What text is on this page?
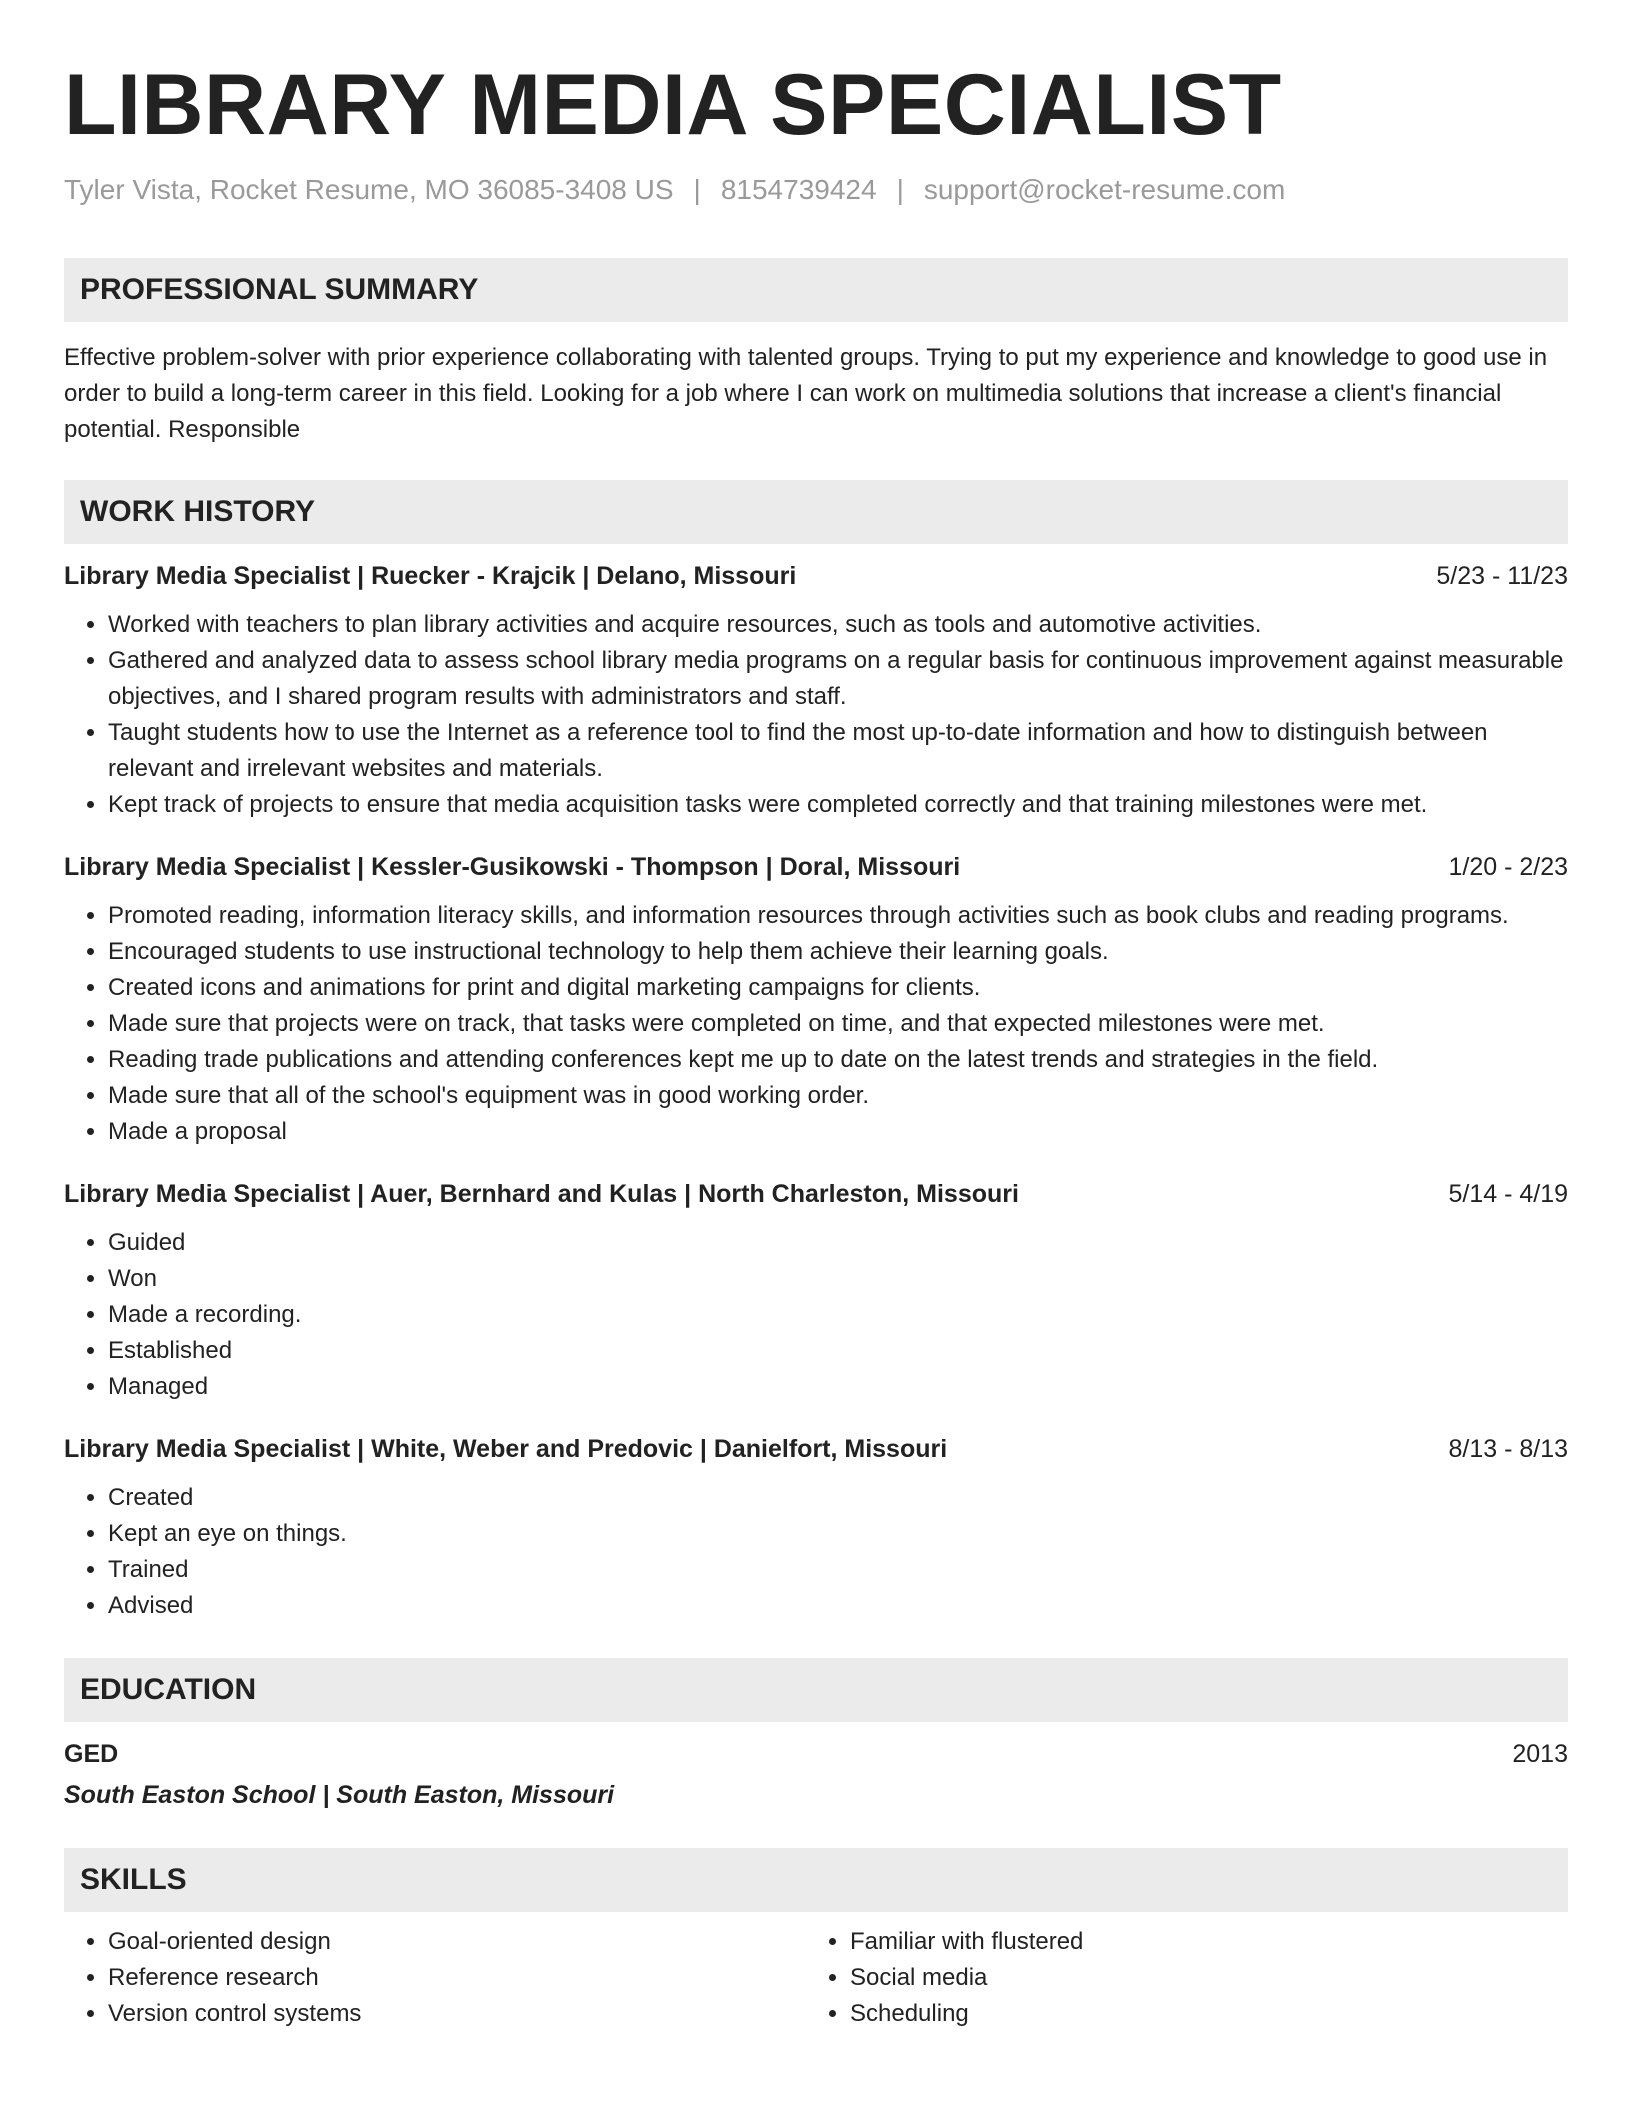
LIBRARY MEDIA SPECIALIST
Tyler Vista, Rocket Resume, MO 36085-3408 US | 8154739424 | support@rocket-resume.com
PROFESSIONAL SUMMARY

Effective problem-solver with prior experience collaborating with talented groups. Trying to put my experience and knowledge to good use in order to build a long-term career in this field. Looking for a job where I can work on multimedia solutions that increase a client's financial potential. Responsible

WORK HISTORY
Library Media Specialist | Ruecker - Krajcik | Delano, Missouri	5/23 - 11/23
• Worked with teachers to plan library activities and acquire resources, such as tools and automotive activities.
• Gathered and analyzed data to assess school library media programs on a regular basis for continuous improvement against measurable objectives, and I shared program results with administrators and staff.
• Taught students how to use the Internet as a reference tool to find the most up-to-date information and how to distinguish between relevant and irrelevant websites and materials.
• Kept track of projects to ensure that media acquisition tasks were completed correctly and that training milestones were met.
Library Media Specialist | Kessler-Gusikowski - Thompson | Doral, Missouri	1/20 - 2/23
• Promoted reading, information literacy skills, and information resources through activities such as book clubs and reading programs.
• Encouraged students to use instructional technology to help them achieve their learning goals.
• Created icons and animations for print and digital marketing campaigns for clients.
• Made sure that projects were on track, that tasks were completed on time, and that expected milestones were met.
• Reading trade publications and attending conferences kept me up to date on the latest trends and strategies in the field.
• Made sure that all of the school's equipment was in good working order.
• Made a proposal
Library Media Specialist | Auer, Bernhard and Kulas | North Charleston, Missouri	5/14 - 4/19
• Guided
• Won
• Made a recording.
• Established
• Managed
Library Media Specialist | White, Weber and Predovic | Danielfort, Missouri	8/13 - 8/13
• Created
• Kept an eye on things.
• Trained
• Advised
EDUCATION
GED	2013
South Easton School | South Easton, Missouri
SKILLS
• Goal-oriented design
• Reference research
• Version control systems
• Familiar with flustered
• Social media
• Scheduling
